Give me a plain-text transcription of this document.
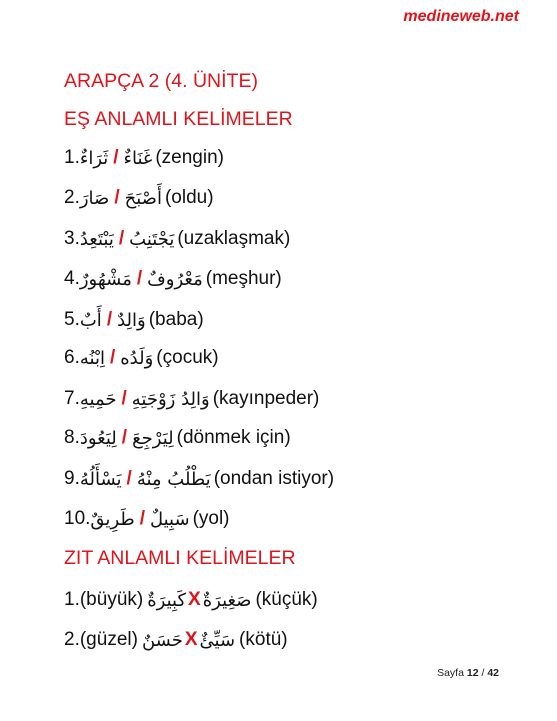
medineweb.net
ARAPÇA 2 (4. ÜNİTE)
EŞ ANLAMLI KELİMELER
1. ثَرَاءٌ / غَنَاءٌ (zengin)
2. صَارَ / أَصْبَحَ (oldu)
3. يَبْتَعِدُ / يَجْتَنِبُ (uzaklaşmak)
4. مَشْهُورٌ / مَعْرُوفٌ (meşhur)
5. أَبٌ / وَالِدٌ (baba)
6. اِبْنُه / وَلَدُه (çocuk)
7. حَمِيهِ / وَالِدُ زَوْجَتِهِ (kayınpeder)
8. لِيَعُودَ / لِيَرْجِعَ (dönmek için)
9. يَسْأَلُهُ / يَطْلُبُ مِنْهُ (ondan istiyor)
10. طَرِيقٌ / سَبِيلٌ (yol)
ZIT ANLAMLI KELİMELER
1. (büyük) كَبِيرَةٌ X صَغِيرَةٌ (küçük)
2. (güzel) حَسَنٌ X سَيِّئٌ (kötü)
Sayfa 12 / 42
